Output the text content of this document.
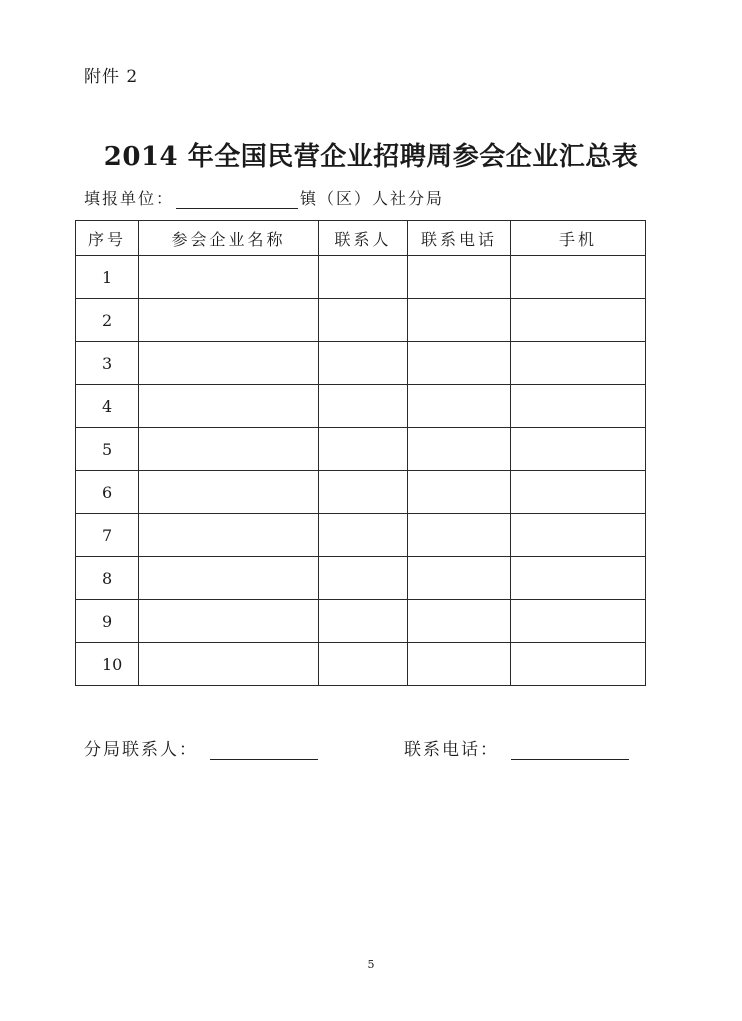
附件 2
2014 年全国民营企业招聘周参会企业汇总表
填报单位：	镇（区）人社分局
序号	参会企业名称	联系人	联系电话	手机
1				
2				
3				
4				
5				
6				
7				
8				
9				
10				
分局联系人：	联系电话：
5
